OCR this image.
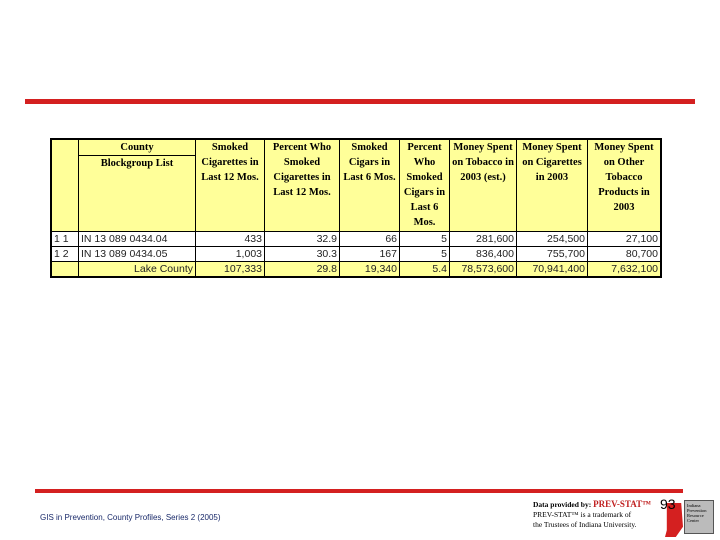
	County	Smoked Cigarettes in Last 12 Mos.	Percent Who Smoked Cigarettes in Last 12 Mos.	Smoked Cigars in Last 6 Mos.	Percent Who Smoked Cigars in Last 6 Mos.	Money Spent on Tobacco in 2003 (est.)	Money Spent on Cigarettes in 2003	Money Spent on Other Tobacco Products in 2003
	Blockgroup List							
1 1	IN 13 089 0434.04	433	32.9	66	5	281,600	254,500	27,100
1 2	IN 13 089 0434.05	1,003	30.3	167	5	836,400	755,700	80,700
	Lake County	107,333	29.8	19,340	5.4	78,573,600	70,941,400	7,632,100
GIS in Prevention, County Profiles, Series 2 (2005)
Data provided by: PREV-STAT™
PREV-STAT™ is a trademark of
the Trustees of Indiana University.
93	Indiana Prevention Resource Center
